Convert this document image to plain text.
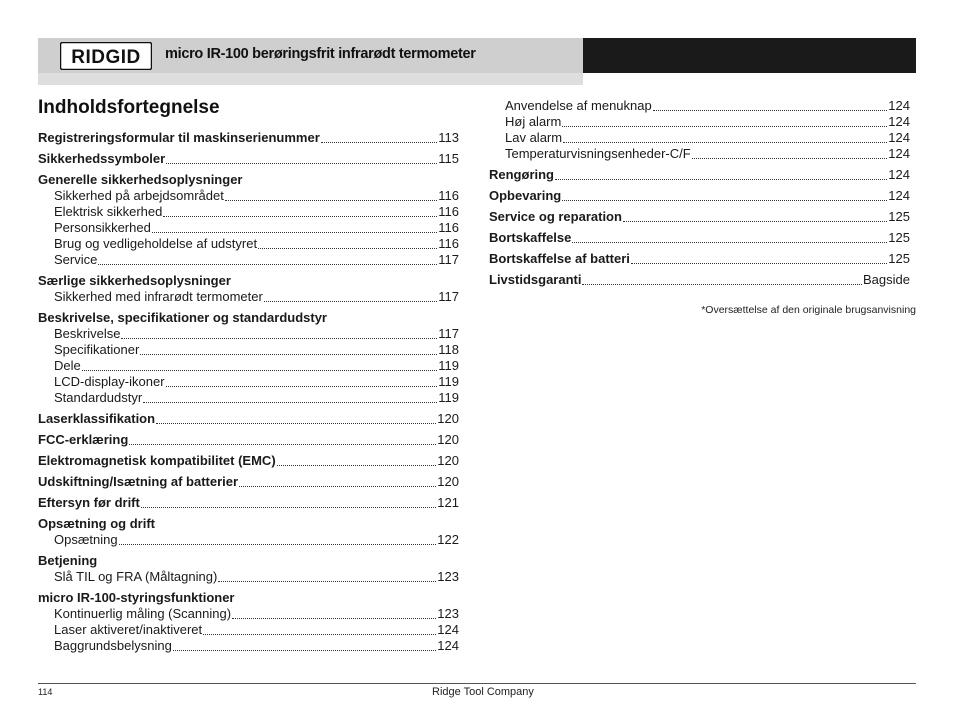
RIDGID micro IR-100 berøringsfrit infrarødt termometer
Indholdsfortegnelse
Registreringsformular til maskinserienummer	113
Sikkerhedssymboler	115
Generelle sikkerhedsoplysninger
Sikkerhed på arbejdsområdet	116
Elektrisk sikkerhed	116
Personsikkerhed	116
Brug og vedligeholdelse af udstyret	116
Service	117
Særlige sikkerhedsoplysninger
Sikkerhed med infrarødt termometer	117
Beskrivelse, specifikationer og standardudstyr
Beskrivelse	117
Specifikationer	118
Dele	119
LCD-display-ikoner	119
Standardudstyr	119
Laserklassifikation	120
FCC-erklæring	120
Elektromagnetisk kompatibilitet (EMC)	120
Udskiftning/Isætning af batterier	120
Eftersyn før drift	121
Opsætning og drift
Opsætning	122
Betjening
Slå TIL og FRA (Måltagning)	123
micro IR-100-styringsfunktioner
Kontinuerlig måling (Scanning)	123
Laser aktiveret/inaktiveret	124
Baggrundsbelysning	124
Anvendelse af menuknap	124
Høj alarm	124
Lav alarm	124
Temperaturvisningsenheder-C/F	124
Rengøring	124
Opbevaring	124
Service og reparation	125
Bortskaffelse	125
Bortskaffelse af batteri	125
Livstidsgaranti	Bagside
*Oversættelse af den originale brugsanvisning
114	Ridge Tool Company
